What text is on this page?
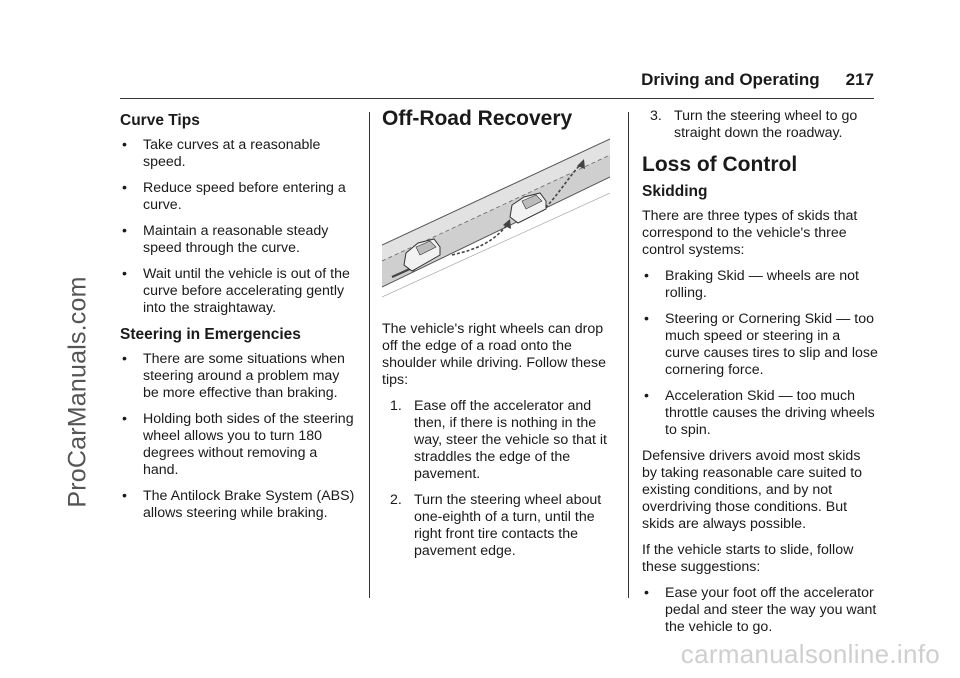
ProCarManuals.com
Driving and Operating 217
Curve Tips
• Take curves at a reasonable speed.
• Reduce speed before entering a curve.
• Maintain a reasonable steady speed through the curve.
• Wait until the vehicle is out of the curve before accelerating gently into the straightaway.
Steering in Emergencies
• There are some situations when steering around a problem may be more effective than braking.
• Holding both sides of the steering wheel allows you to turn 180 degrees without removing a hand.
• The Antilock Brake System (ABS) allows steering while braking.
Off-Road Recovery

The vehicle's right wheels can drop off the edge of a road onto the shoulder while driving. Follow these tips:

1. Ease off the accelerator and then, if there is nothing in the way, steer the vehicle so that it straddles the edge of the pavement.
2. Turn the steering wheel about one-eighth of a turn, until the right front tire contacts the pavement edge.
3. Turn the steering wheel to go straight down the roadway.
Loss of Control
Skidding

There are three types of skids that correspond to the vehicle's three control systems:

• Braking Skid — wheels are not rolling.
• Steering or Cornering Skid — too much speed or steering in a curve causes tires to slip and lose cornering force.
• Acceleration Skid — too much throttle causes the driving wheels to spin.

Defensive drivers avoid most skids by taking reasonable care suited to existing conditions, and by not overdriving those conditions. But skids are always possible.

If the vehicle starts to slide, follow these suggestions:

• Ease your foot off the accelerator pedal and steer the way you want the vehicle to go.
carmanualsonline.info
